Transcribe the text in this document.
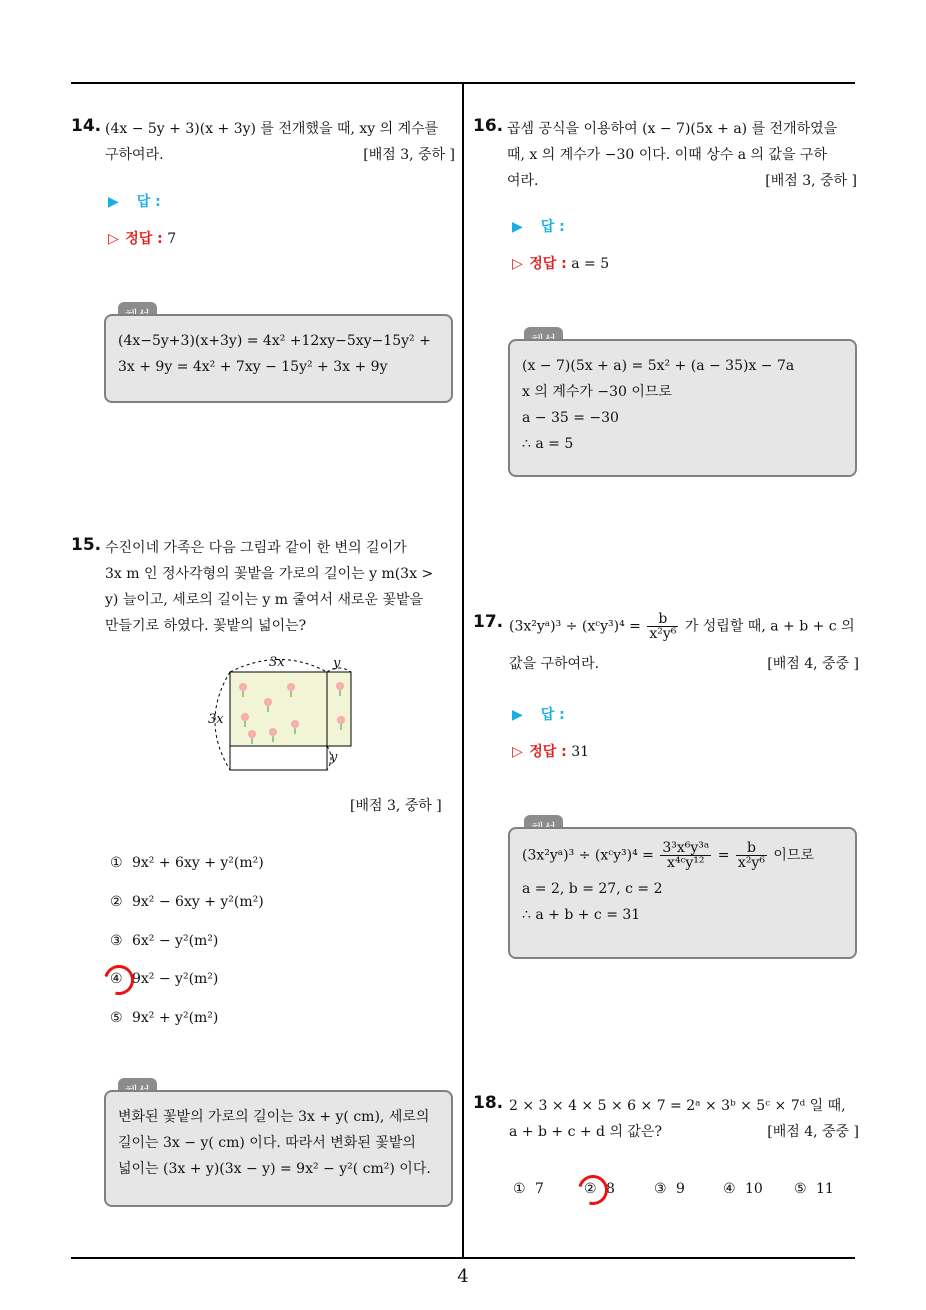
14. (4x − 5y + 3)(x + 3y) 를 전개했을 때, xy 의 계수를
구하여라.	[배점 3, 중하 ]
▶ 답 :
▷ 정답 : 7
(4x−5y+3)(x+3y) = 4x² +12xy−5xy−15y² +
3x + 9y = 4x² + 7xy − 15y² + 3x + 9y
15. 수진이네 가족은 다음 그림과 같이 한 변의 길이가
3x m 인 정사각형의 꽃밭을 가로의 길이는 y m(3x >
y) 늘이고, 세로의 길이는 y m 줄여서 새로운 꽃밭을
만들기로 하였다. 꽃밭의 넓이는?
3x	y
3x
y
[배점 3, 중하 ]
① 9x² + 6xy + y²(m²)
② 9x² − 6xy + y²(m²)
③ 6x² − y²(m²)
④ 9x² − y²(m²)
⑤ 9x² + y²(m²)
변화된 꽃밭의 가로의 길이는 3x + y( cm), 세로의
길이는 3x − y( cm) 이다. 따라서 변화된 꽃밭의
넓이는 (3x + y)(3x − y) = 9x² − y²( cm²) 이다.
16. 곱셈 공식을 이용하여 (x − 7)(5x + a) 를 전개하였을
때, x 의 계수가 −30 이다. 이때 상수 a 의 값을 구하
여라.	[배점 3, 중하 ]
▶ 답 :
▷ 정답 : a = 5
(x − 7)(5x + a) = 5x² + (a − 35)x − 7a
x 의 계수가 −30 이므로
a − 35 = −30
∴ a = 5
17. (3x²yᵃ)³ ÷ (xᶜy³)⁴ = $\frac{b}{\text{x²y⁶}}$ 가 성립할 때, a + b + c 의
값을 구하여라.	[배점 4, 중중 ]
▶ 답 :
▷ 정답 : 31
(3x²yᵃ)³ ÷ (xᶜy³)⁴ = $\frac{\text{3³x⁶y³ᵃ}}{\text{x⁴ᶜy¹²}} = \frac{b}{\text{x²y⁶}}$ 이므로
a = 2, b = 27, c = 2
∴ a + b + c = 31
18. 2 × 3 × 4 × 5 × 6 × 7 = 2ᵃ × 3ᵇ × 5ᶜ × 7ᵈ 일 때,
a + b + c + d 의 값은?	[배점 4, 중중 ]
① 7	② 8	③ 9	④ 10 ⑤ 11
4
